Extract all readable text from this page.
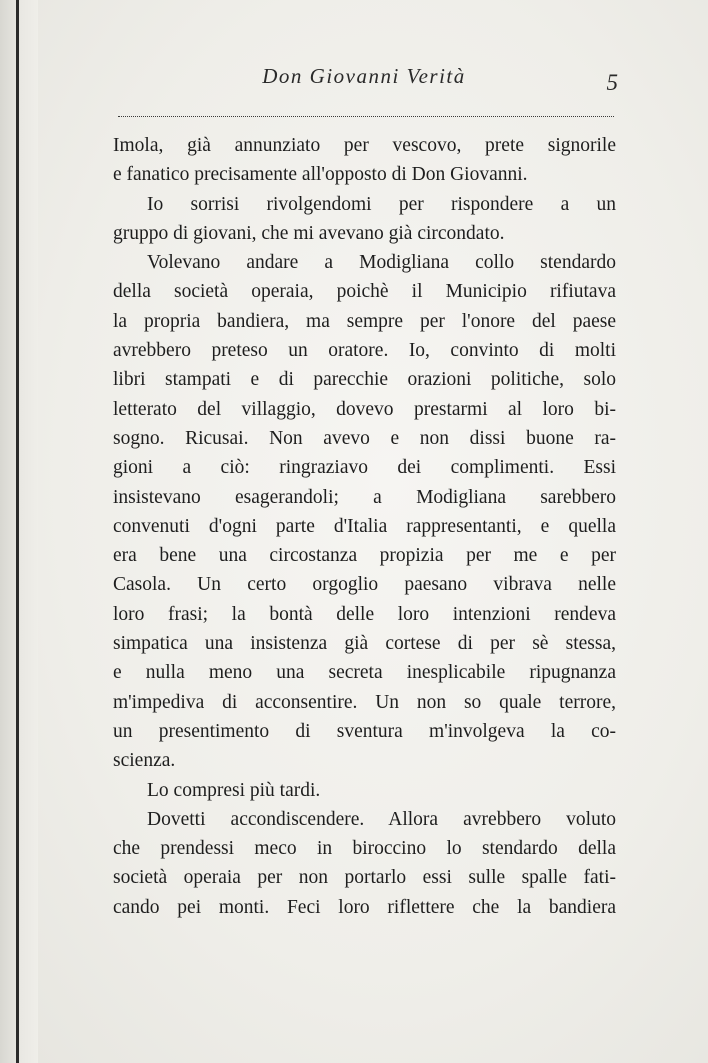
Don Giovanni Verità	5
Imola, già annunziato per vescovo, prete signorile
e fanatico precisamente all'opposto di Don Giovanni.
Io sorrisi rivolgendomi per rispondere a un
gruppo di giovani, che mi avevano già circondato.
Volevano andare a Modigliana collo stendardo
della società operaia, poichè il Municipio rifiutava
la propria bandiera, ma sempre per l'onore del paese
avrebbero preteso un oratore. Io, convinto di molti
libri stampati e di parecchie orazioni politiche, solo
letterato del villaggio, dovevo prestarmi al loro bi-
sogno. Ricusai. Non avevo e non dissi buone ra-
gioni a ciò: ringraziavo dei complimenti. Essi
insistevano esagerandoli; a Modigliana sarebbero
convenuti d'ogni parte d'Italia rappresentanti, e quella
era bene una circostanza propizia per me e per
Casola. Un certo orgoglio paesano vibrava nelle
loro frasi; la bontà delle loro intenzioni rendeva
simpatica una insistenza già cortese di per sè stessa,
e nulla meno una secreta inesplicabile ripugnanza
m'impediva di acconsentire. Un non so quale terrore,
un presentimento di sventura m'involgeva la co-
scienza.
Lo compresi più tardi.
Dovetti accondiscendere. Allora avrebbero voluto
che prendessi meco in biroccino lo stendardo della
società operaia per non portarlo essi sulle spalle fati-
cando pei monti. Feci loro riflettere che la bandiera
